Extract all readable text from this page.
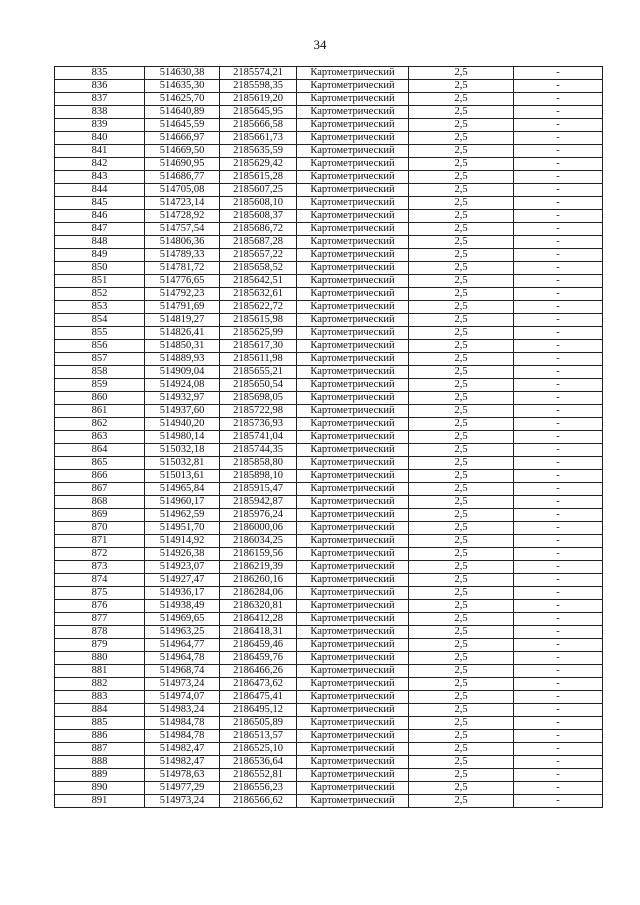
34
835	514630,38	2185574,21	Картометрический	2,5	-
836	514635,30	2185598,35	Картометрический	2,5	-
837	514625,70	2185619,20	Картометрический	2,5	-
838	514640,89	2185645,95	Картометрический	2,5	-
839	514645,59	2185666,58	Картометрический	2,5	-
840	514666,97	2185661,73	Картометрический	2,5	-
841	514669,50	2185635,59	Картометрический	2,5	-
842	514690,95	2185629,42	Картометрический	2,5	-
843	514686,77	2185615,28	Картометрический	2,5	-
844	514705,08	2185607,25	Картометрический	2,5	-
845	514723,14	2185608,10	Картометрический	2,5	-
846	514728,92	2185608,37	Картометрический	2,5	-
847	514757,54	2185686,72	Картометрический	2,5	-
848	514806,36	2185687,28	Картометрический	2,5	-
849	514789,33	2185657,22	Картометрический	2,5	-
850	514781,72	2185658,52	Картометрический	2,5	-
851	514776,65	2185642,51	Картометрический	2,5	-
852	514792,23	2185632,61	Картометрический	2,5	-
853	514791,69	2185622,72	Картометрический	2,5	-
854	514819,27	2185615,98	Картометрический	2,5	-
855	514826,41	2185625,99	Картометрический	2,5	-
856	514850,31	2185617,30	Картометрический	2,5	-
857	514889,93	2185611,98	Картометрический	2,5	-
858	514909,04	2185655,21	Картометрический	2,5	-
859	514924,08	2185650,54	Картометрический	2,5	-
860	514932,97	2185698,05	Картометрический	2,5	-
861	514937,60	2185722,98	Картометрический	2,5	-
862	514940,20	2185736,93	Картометрический	2,5	-
863	514980,14	2185741,04	Картометрический	2,5	-
864	515032,18	2185744,35	Картометрический	2,5	-
865	515032,81	2185858,80	Картометрический	2,5	-
866	515013,61	2185898,10	Картометрический	2,5	-
867	514965,84	2185915,47	Картометрический	2,5	-
868	514960,17	2185942,87	Картометрический	2,5	-
869	514962,59	2185976,24	Картометрический	2,5	-
870	514951,70	2186000,06	Картометрический	2,5	-
871	514914,92	2186034,25	Картометрический	2,5	-
872	514926,38	2186159,56	Картометрический	2,5	-
873	514923,07	2186219,39	Картометрический	2,5	-
874	514927,47	2186260,16	Картометрический	2,5	-
875	514936,17	2186284,06	Картометрический	2,5	-
876	514938,49	2186320,81	Картометрический	2,5	-
877	514969,65	2186412,28	Картометрический	2,5	-
878	514963,25	2186418,31	Картометрический	2,5	-
879	514964,77	2186459,46	Картометрический	2,5	-
880	514964,78	2186459,76	Картометрический	2,5	-
881	514968,74	2186466,26	Картометрический	2,5	-
882	514973,24	2186473,62	Картометрический	2,5	-
883	514974,07	2186475,41	Картометрический	2,5	-
884	514983,24	2186495,12	Картометрический	2,5	-
885	514984,78	2186505,89	Картометрический	2,5	-
886	514984,78	2186513,57	Картометрический	2,5	-
887	514982,47	2186525,10	Картометрический	2,5	-
888	514982,47	2186536,64	Картометрический	2,5	-
889	514978,63	2186552,81	Картометрический	2,5	-
890	514977,29	2186556,23	Картометрический	2,5	-
891	514973,24	2186566,62	Картометрический	2,5	-
